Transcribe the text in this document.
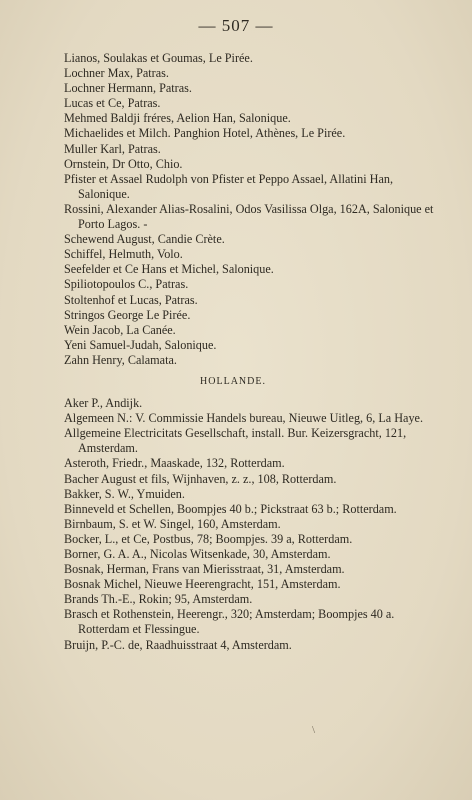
— 507 —
Lianos, Soulakas et Goumas, Le Pirée.
Lochner Max, Patras.
Lochner Hermann, Patras.
Lucas et Ce, Patras.
Mehmed Baldji fréres, Aelion Han, Salonique.
Michaelides et Milch. Panghion Hotel, Athènes, Le Pirée.
Muller Karl, Patras.
Ornstein, Dr Otto, Chio.
Pfister et Assael Rudolph von Pfister et Peppo Assael, Allatini Han, Salonique.
Rossini, Alexander Alias-Rosalini, Odos Vasilissa Olga, 162A, Salonique et Porto Lagos. -
Schewend August, Candie Crète.
Schiffel, Helmuth, Volo.
Seefelder et Ce Hans et Michel, Salonique.
Spiliotopoulos C., Patras.
Stoltenhof et Lucas, Patras.
Stringos George Le Pirée.
Wein Jacob, La Canée.
Yeni Samuel-Judah, Salonique.
Zahn Henry, Calamata.
HOLLANDE.
Aker P., Andijk.
Algemeen N.: V. Commissie Handels bureau, Nieuwe Uitleg, 6, La Haye.
Allgemeine Electricitats Gesellschaft, install. Bur. Keizersgracht, 121, Amsterdam.
Asteroth, Friedr., Maaskade, 132, Rotterdam.
Bacher August et fils, Wijnhaven, z. z., 108, Rotterdam.
Bakker, S. W., Ymuiden.
Binneveld et Schellen, Boompjes 40 b.; Pickstraat 63 b.; Rotterdam.
Birnbaum, S. et W. Singel, 160, Amsterdam.
Bocker, L., et Ce, Postbus, 78; Boompjes. 39 a, Rotterdam.
Borner, G. A. A., Nicolas Witsenkade, 30, Amsterdam.
Bosnak, Herman, Frans van Mierisstraat, 31, Amsterdam.
Bosnak Michel, Nieuwe Heerengracht, 151, Amsterdam.
Brands Th.-E., Rokin; 95, Amsterdam.
Brasch et Rothenstein, Heerengr., 320; Amsterdam; Boompjes 40 a. Rotterdam et Flessingue.
Bruijn, P.-C. de, Raadhuisstraat 4, Amsterdam.
\
